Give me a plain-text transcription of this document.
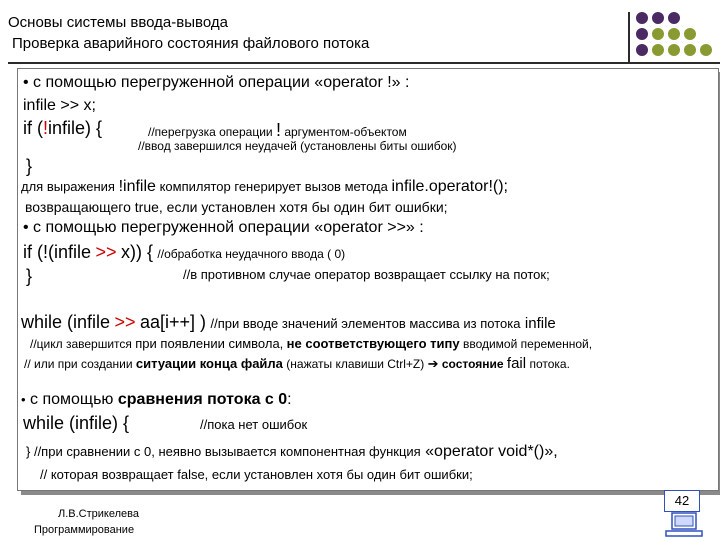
Основы системы ввода-вывода
Проверка аварийного состояния файлового потока
• с помощью перегруженной операции «operator !» :
infile >> x;
if (!infile) {	//перегрузка операции ! аргументом-объектом
//ввод завершился неудачей (установлены биты ошибок)
}
для выражения !infile компилятор генерирует вызов метода infile.operator!();
возвращающего true, если установлен хотя бы один бит ошибки;
• с помощью перегруженной операции «operator >>» :
if (!(infile >> x)) { //обработка неудачного ввода ( 0)
}	//в противном случае оператор возвращает ссылку на поток;
while (infile >> aa[i++] ) //при вводе значений элементов массива из потока infile
//цикл завершится при появлении символа, не соответствующего типу вводимой переменной,
// или при создании ситуации конца файла (нажаты клавиши Ctrl+Z) ➔ состояние fail потока.
• с помощью сравнения потока с 0:
while (infile) {	//пока нет ошибок
} //при сравнении с 0, неявно вызывается компонентная функция «operator void*()»,
// которая возвращает false, если установлен хотя бы один бит ошибки;
Л.В.Стрикелева
Программирование
42
